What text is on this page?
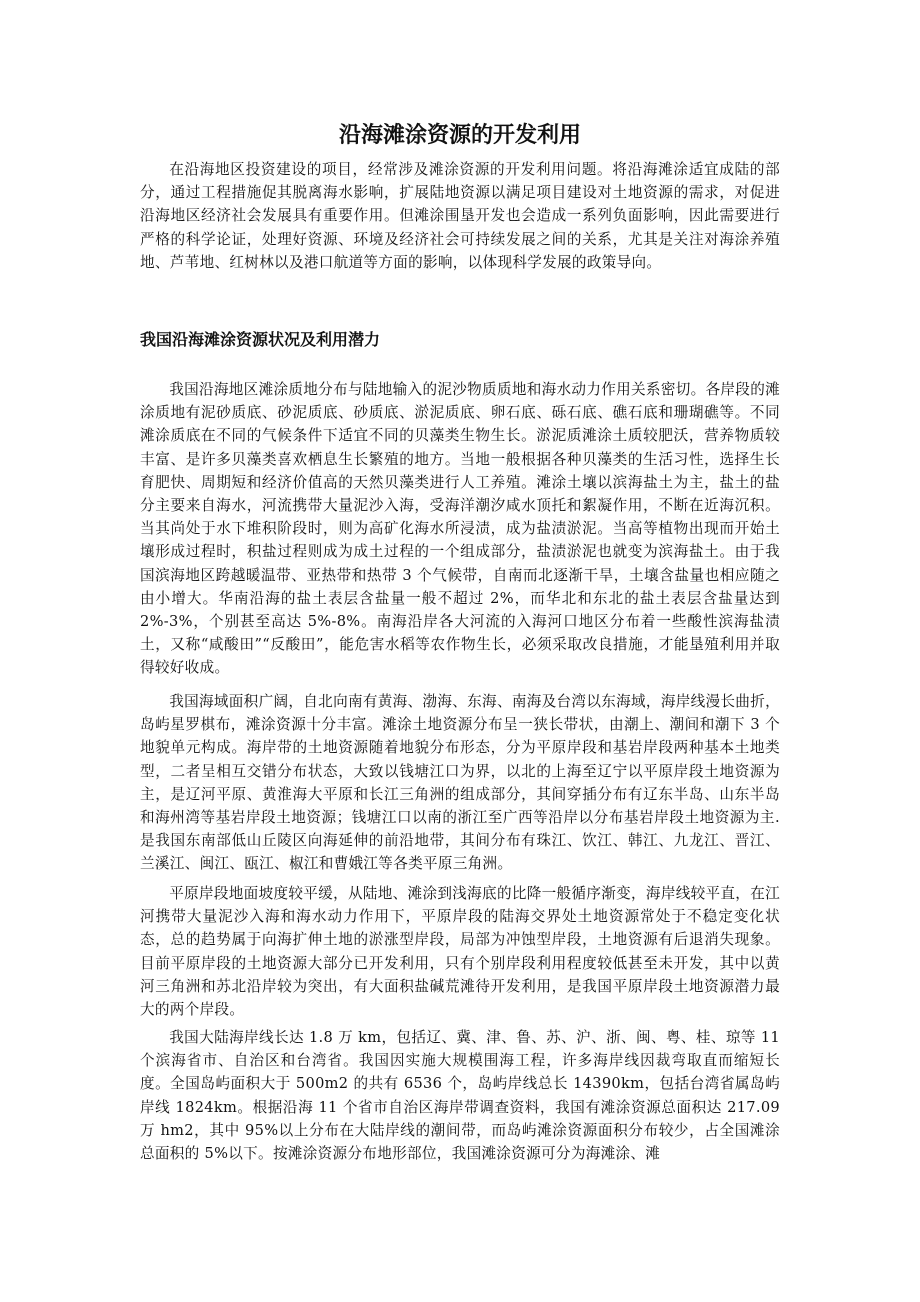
沿海滩涂资源的开发利用

在沿海地区投资建设的项目，经常涉及滩涂资源的开发利用问题。将沿海滩涂适宜成陆的部分，通过工程措施促其脱离海水影响，扩展陆地资源以满足项目建设对土地资源的需求，对促进沿海地区经济社会发展具有重要作用。但滩涂围垦开发也会造成一系列负面影响，因此需要进行严格的科学论证，处理好资源、环境及经济社会可持续发展之间的关系，尤其是关注对海涂养殖地、芦苇地、红树林以及港口航道等方面的影响，以体现科学发展的政策导向。

我国沿海滩涂资源状况及利用潜力

我国沿海地区滩涂质地分布与陆地输入的泥沙物质质地和海水动力作用关系密切。各岸段的滩涂质地有泥砂质底、砂泥质底、砂质底、淤泥质底、卵石底、砾石底、礁石底和珊瑚礁等。不同滩涂质底在不同的气候条件下适宜不同的贝藻类生物生长。淤泥质滩涂土质较肥沃，营养物质较丰富、是许多贝藻类喜欢栖息生长繁殖的地方。当地一般根据各种贝藻类的生活习性，选择生长育肥快、周期短和经济价值高的天然贝藻类进行人工养殖。滩涂土壤以滨海盐土为主，盐土的盐分主要来自海水，河流携带大量泥沙入海，受海洋潮汐咸水顶托和絮凝作用，不断在近海沉积。当其尚处于水下堆积阶段时，则为高矿化海水所浸渍，成为盐渍淤泥。当高等植物出现而开始土壤形成过程时，积盐过程则成为成土过程的一个组成部分，盐渍淤泥也就变为滨海盐土。由于我国滨海地区跨越暖温带、亚热带和热带 3 个气候带，自南而北逐渐干旱，土壤含盐量也相应随之由小增大。华南沿海的盐土表层含盐量一般不超过 2%，而华北和东北的盐土表层含盐量达到 2%-3%，个别甚至高达 5%-8%。南海沿岸各大河流的入海河口地区分布着一些酸性滨海盐渍土，又称“咸酸田”“反酸田”，能危害水稻等农作物生长，必须采取改良措施，才能垦殖利用并取得较好收成。

我国海域面积广阔，自北向南有黄海、渤海、东海、南海及台湾以东海域，海岸线漫长曲折，岛屿星罗棋布，滩涂资源十分丰富。滩涂土地资源分布呈一狭长带状，由潮上、潮间和潮下 3 个地貌单元构成。海岸带的土地资源随着地貌分布形态，分为平原岸段和基岩岸段两种基本土地类型，二者呈相互交错分布状态，大致以钱塘江口为界，以北的上海至辽宁以平原岸段土地资源为主，是辽河平原、黄淮海大平原和长江三角洲的组成部分，其间穿插分布有辽东半岛、山东半岛和海州湾等基岩岸段土地资源；钱塘江口以南的浙江至广西等沿岸以分布基岩岸段土地资源为主.是我国东南部低山丘陵区向海延伸的前沿地带，其间分布有珠江、饮江、韩江、九龙江、晋江、兰溪江、闽江、瓯江、椒江和曹娥江等各类平原三角洲。

平原岸段地面坡度较平缓，从陆地、滩涂到浅海底的比降一般循序渐变，海岸线较平直，在江河携带大量泥沙入海和海水动力作用下，平原岸段的陆海交界处土地资源常处于不稳定变化状态，总的趋势属于向海扩伸土地的淤涨型岸段，局部为冲蚀型岸段，土地资源有后退消失现象。目前平原岸段的土地资源大部分已开发利用，只有个别岸段利用程度较低甚至未开发，其中以黄河三角洲和苏北沿岸较为突出，有大面积盐碱荒滩待开发利用，是我国平原岸段土地资源潜力最大的两个岸段。

我国大陆海岸线长达 1.8 万 km，包括辽、冀、津、鲁、苏、沪、浙、闽、粤、桂、琼等 11 个滨海省市、自治区和台湾省。我国因实施大规模围海工程，许多海岸线因裁弯取直而缩短长度。全国岛屿面积大于 500m2 的共有 6536 个，岛屿岸线总长 14390km，包括台湾省属岛屿岸线 1824km。根据沿海 11 个省市自治区海岸带调查资料，我国有滩涂资源总面积达 217.09 万 hm2，其中 95%以上分布在大陆岸线的潮间带，而岛屿滩涂资源面积分布较少，占全国滩涂总面积的 5%以下。按滩涂资源分布地形部位，我国滩涂资源可分为海滩涂、滩
